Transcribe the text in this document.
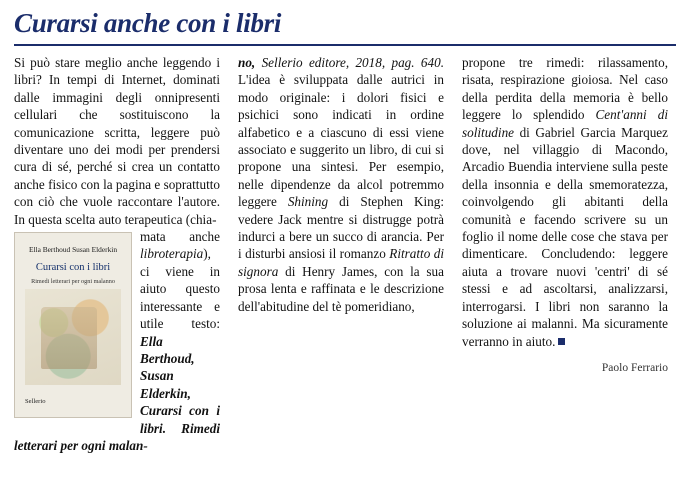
Curarsi anche con i libri

Si può stare meglio anche leggendo i libri? In tempi di Internet, dominati dalle immagini degli onnipresenti cellulari che sostituiscono la comunicazione scritta, leggere può diventare uno dei modi per prendersi cura di sé, perché si crea un contatto anche fisico con la pagina e soprattutto con ciò che vuole raccontare l'autore. In questa scelta auto terapeutica (chia-

Ella Berthoud Susan Elderkin
Curarsi con i libri
Rimedi letterari per ogni malanno
Sellerio

mata anche libroterapia), ci viene in aiuto questo interessante e utile testo: Ella Berthoud, Susan Elderkin, Curarsi con i libri. Rimedi letterari per ogni malan-

no, Sellerio editore, 2018, pag. 640. L'idea è sviluppata dalle autrici in modo originale: i dolori fisici e psichici sono indicati in ordine alfabetico e a ciascuno di essi viene associato e suggerito un libro, di cui si propone una sintesi. Per esempio, nelle dipendenze da alcol potremmo leggere Shining di Stephen King: vedere Jack mentre si distrugge potrà indurci a bere un succo di arancia. Per i disturbi ansiosi il romanzo Ritratto di signora di Henry James, con la sua prosa lenta e raffinata e le descrizione dell'abitudine del tè pomeridiano,

propone tre rimedi: rilassamento, risata, respirazione gioiosa. Nel caso della perdita della memoria è bello leggere lo splendido Cent'anni di solitudine di Gabriel Garcia Marquez dove, nel villaggio di Macondo, Arcadio Buendia interviene sulla peste della insonnia e della smemoratezza, coinvolgendo gli abitanti della comunità e facendo scrivere su un foglio il nome delle cose che stava per dimenticare. Concludendo: leggere aiuta a trovare nuovi 'centri' di sé stessi e ad ascoltarsi, analizzarsi, interrogarsi. I libri non saranno la soluzione ai malanni. Ma sicuramente verranno in aiuto.

Paolo Ferrario
